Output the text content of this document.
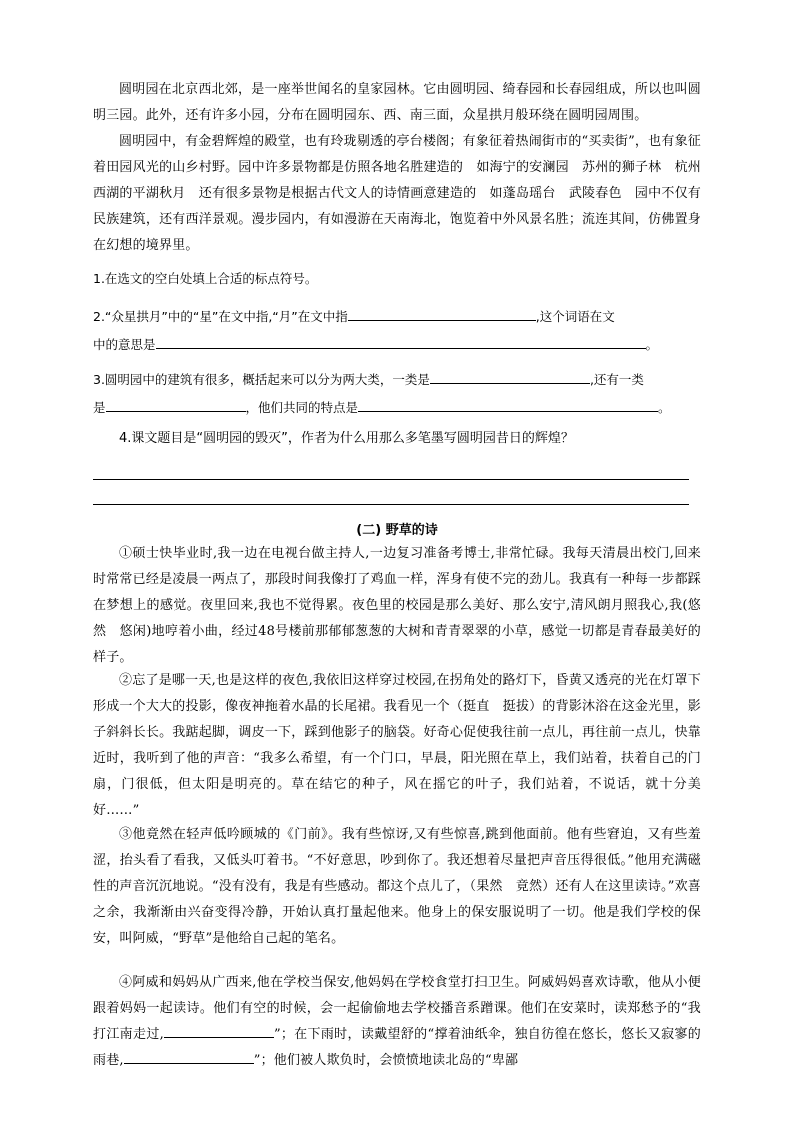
圆明园在北京西北郊，是一座举世闻名的皇家园林。它由圆明园、绮春园和长春园组成，所以也叫圆明三园。此外，还有许多小园，分布在圆明园东、西、南三面，众星拱月般环绕在圆明园周围。

圆明园中，有金碧辉煌的殿堂，也有玲珑剔透的亭台楼阁；有象征着热闹街市的“买卖街”，也有象征着田园风光的山乡村野。园中许多景物都是仿照各地名胜建造的　如海宁的安澜园　苏州的狮子林　杭州西湖的平湖秋月　还有很多景物是根据古代文人的诗情画意建造的　如蓬岛瑶台　武陵春色　园中不仅有民族建筑，还有西洋景观。漫步园内，有如漫游在天南海北，饱览着中外风景名胜；流连其间，仿佛置身在幻想的境界里。

1.在选文的空白处填上合适的标点符号。

2.“众星拱月”中的“星”在文中指,“月”在文中指	,这个词语在文
中的意思是	。

3.圆明园中的建筑有很多，概括起来可以分为两大类，一类是	,还有一类
是	，他们共同的特点是	。

4.课文题目是“圆明园的毁灭”，作者为什么用那么多笔墨写圆明园昔日的辉煌？

(二) 野草的诗

①硕士快毕业时,我一边在电视台做主持人,一边复习准备考博士,非常忙碌。我每天清晨出校门,回来时常常已经是凌晨一两点了，那段时间我像打了鸡血一样，浑身有使不完的劲儿。我真有一种每一步都踩在梦想上的感觉。夜里回来,我也不觉得累。夜色里的校园是那么美好、那么安宁,清风朗月照我心,我(悠然　悠闲)地哼着小曲，经过48号楼前那郁郁葱葱的大树和青青翠翠的小草，感觉一切都是青春最美好的样子。

②忘了是哪一天,也是这样的夜色,我依旧这样穿过校园,在拐角处的路灯下，昏黄又透亮的光在灯罩下形成一个大大的投影，像夜神拖着水晶的长尾裙。我看见一个（挺直　挺拔）的背影沐浴在这金光里，影子斜斜长长。我踮起脚，调皮一下，踩到他影子的脑袋。好奇心促使我往前一点儿，再往前一点儿，快靠近时，我听到了他的声音：“我多么希望，有一个门口，早晨，阳光照在草上，我们站着，扶着自己的门扇，门很低，但太阳是明亮的。草在结它的种子，风在摇它的叶子，我们站着，不说话，就十分美好……”

③他竟然在轻声低吟顾城的《门前》。我有些惊讶,又有些惊喜,跳到他面前。他有些窘迫，又有些羞涩，抬头看了看我，又低头叮着书。“不好意思，吵到你了。我还想着尽量把声音压得很低。”他用充满磁性的声音沉沉地说。“没有没有，我是有些感动。都这个点儿了，（果然　竟然）还有人在这里读诗。”欢喜之余，我渐渐由兴奋变得冷静，开始认真打量起他来。他身上的保安服说明了一切。他是我们学校的保安，叫阿威，“野草”是他给自己起的笔名。

④阿威和妈妈从广西来,他在学校当保安,他妈妈在学校食堂打扫卫生。阿威妈妈喜欢诗歌，他从小便跟着妈妈一起读诗。他们有空的时候，会一起偷偷地去学校播音系蹭课。他们在安菜时，读郑愁予的“我打江南走过,	”；在下雨时，读戴望舒的“撑着油纸伞，独自彷徨在悠长，悠长又寂寥的雨巷,	”；他们被人欺负时，会愤愤地读北岛的“卑鄙
